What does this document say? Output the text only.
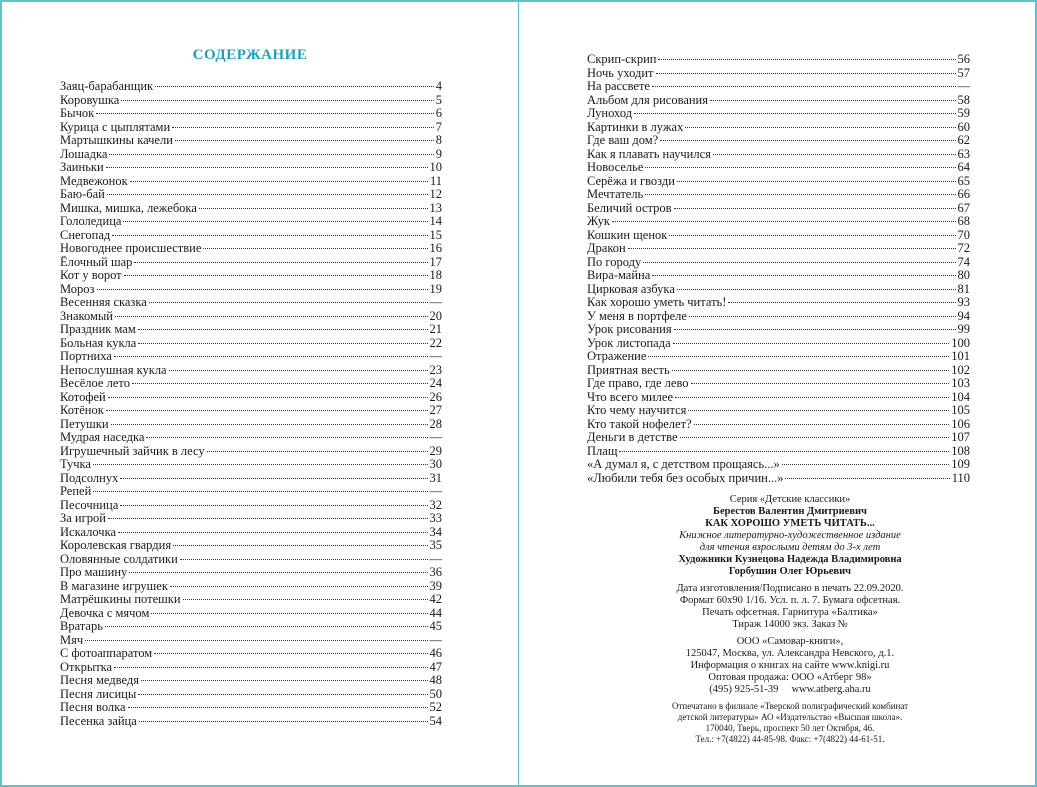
СОДЕРЖАНИЕ
Заяц-барабанщик	4
Коровушка	5
Бычок	6
Курица с цыплятами	7
Мартышкины качели	8
Лошадка	9
Заиньки	10
Медвежонок	11
Баю-бай	12
Мишка, мишка, лежебока	13
Гололедица	14
Снегопад	15
Новогоднее происшествие	16
Ёлочный шар	17
Кот у ворот	18
Мороз	19
Весенняя сказка	—
Знакомый	20
Праздник мам	21
Больная кукла	22
Портниха	—
Непослушная кукла	23
Весёлое лето	24
Котофей	26
Котёнок	27
Петушки	28
Мудрая наседка	—
Игрушечный зайчик в лесу	29
Тучка	30
Подсолнух	31
Репей	—
Песочница	32
За игрой	33
Искалочка	34
Королевская гвардия	35
Оловянные солдатики	—
Про машину	36
В магазине игрушек	39
Матрёшкины потешки	42
Девочка с мячом	44
Вратарь	45
Мяч	—
С фотоаппаратом	46
Открытка	47
Песня медведя	48
Песня лисицы	50
Песня волка	52
Песенка зайца	54
Скрип-скрип	56
Ночь уходит	57
На рассвете	—
Альбом для рисования	58
Луноход	59
Картинки в лужах	60
Где ваш дом?	62
Как я плавать научился	63
Новоселье	64
Серёжа и гвозди	65
Мечтатель	66
Беличий остров	67
Жук	68
Кошкин щенок	70
Дракон	72
По городу	74
Вира-майна	80
Цирковая азбука	81
Как хорошо уметь читать!	93
У меня в портфеле	94
Урок рисования	99
Урок листопада	100
Отражение	101
Приятная весть	102
Где право, где лево	103
Что всего милее	104
Кто чему научится	105
Кто такой нофелет?	106
Деньги в детстве	107
Плащ	108
«А думал я, с детством прощаясь...»	109
«Любили тебя без особых причин...»	110
Серия «Детские классики»
Берестов Валентин Дмитриевич
КАК ХОРОШО УМЕТЬ ЧИТАТЬ...
Книжное литературно-художественное издание
для чтения взрослыми детям до 3-х лет
Художники Кузнецова Надежда Владимировна
Горбушин Олег Юрьевич
Дата изготовления/Подписано в печать 22.09.2020.
Формат 60х90 1/16. Усл. п. л. 7. Бумага офсетная.
Печать офсетная. Гарнитура «Балтика»
Тираж 14000 экз. Заказ №
ООО «Самовар-книги»,
125047, Москва, ул. Александра Невского, д.1.
Информация о книгах на сайте www.knigi.ru
Оптовая продажа: ООО «Атберг 98»
(495) 925-51-39     www.atberg.aha.ru
Отпечатано в филиале «Тверской полиграфический комбинат
детской литературы» АО «Издательство «Высшая школа».
170040, Тверь, проспект 50 лет Октября, 46.
Тел.: +7(4822) 44-85-98. Факс: +7(4822) 44-61-51.
